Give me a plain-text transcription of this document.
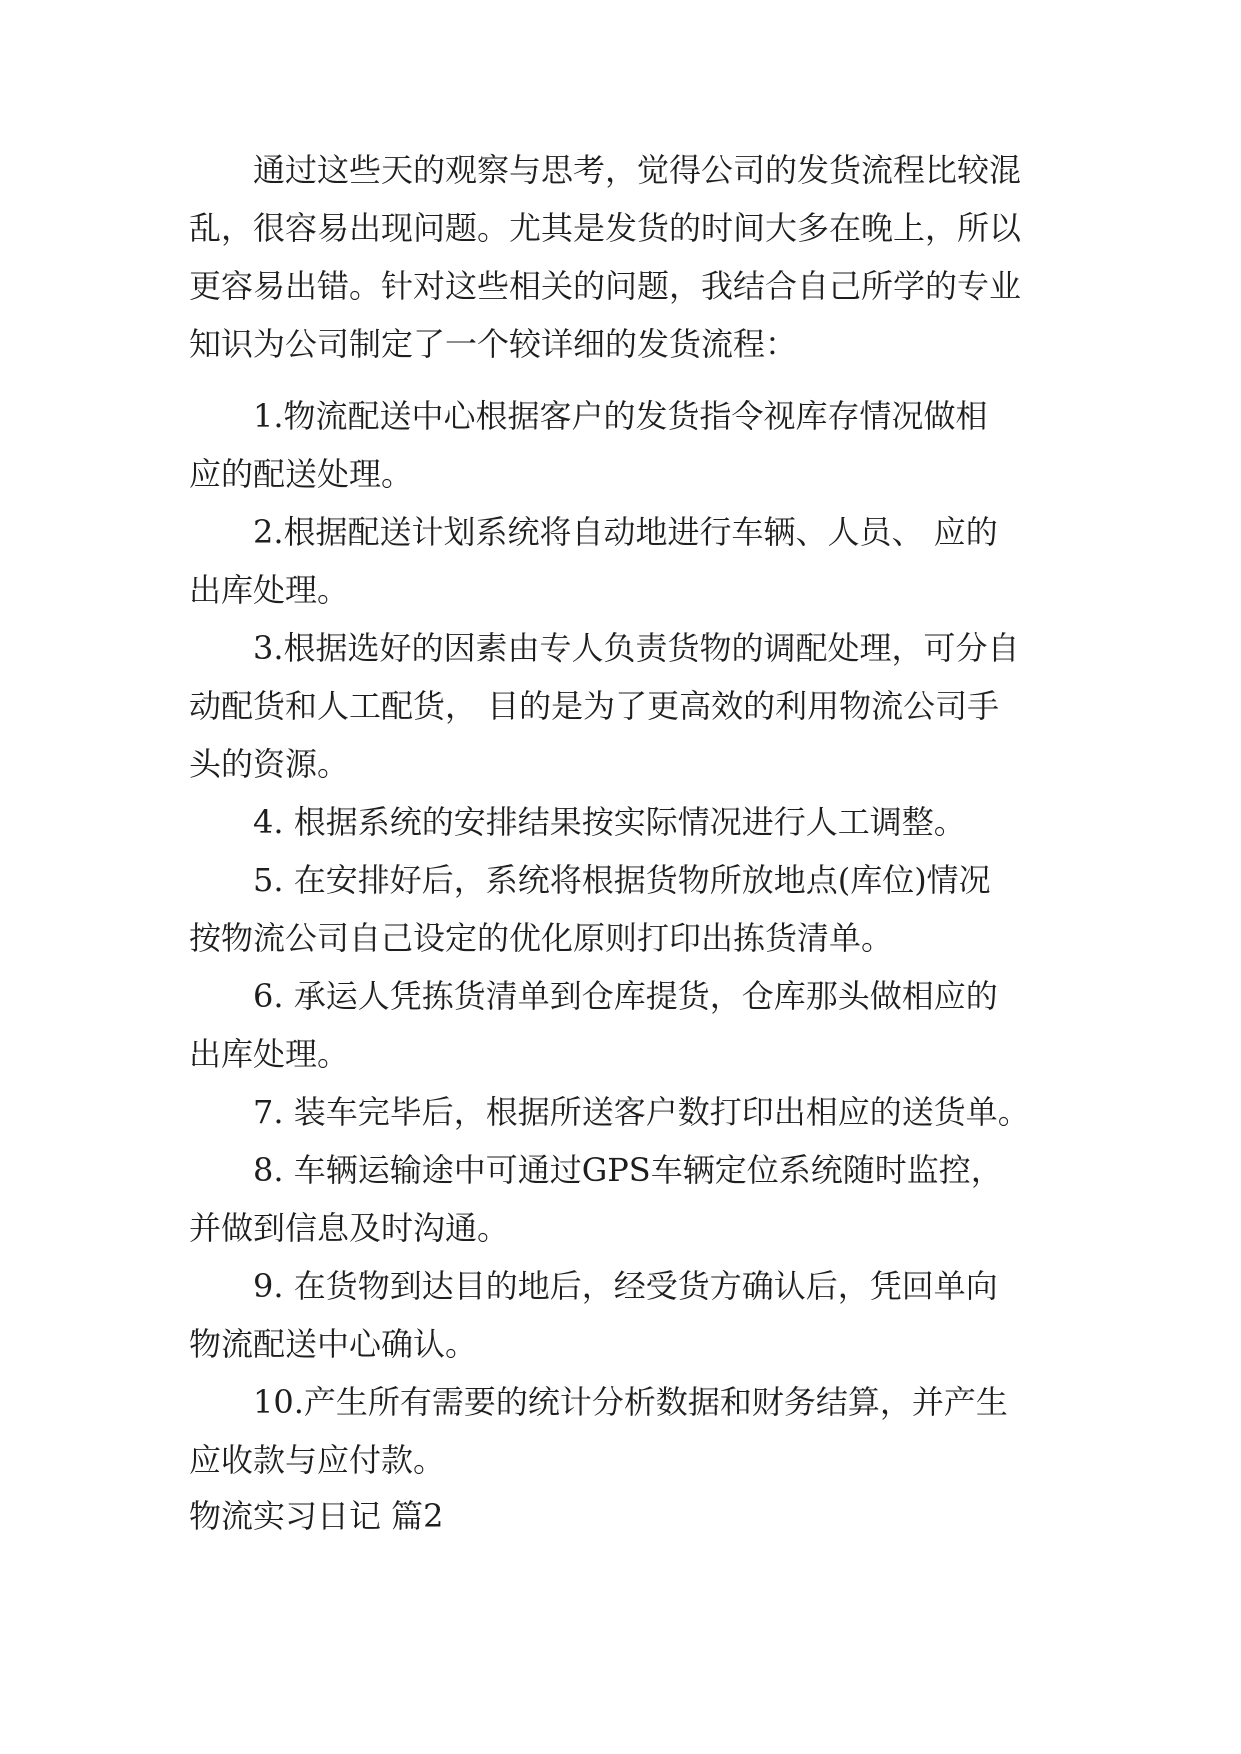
通过这些天的观察与思考，觉得公司的发货流程比较混
乱，很容易出现问题。尤其是发货的时间大多在晚上，所以
更容易出错。针对这些相关的问题，我结合自己所学的专业
知识为公司制定了一个较详细的发货流程：
1.物流配送中心根据客户的发货指令视库存情况做相
应的配送处理。
2.根据配送计划系统将自动地进行车辆、人员、 应的
出库处理。
3.根据选好的因素由专人负责货物的调配处理，可分自
动配货和人工配货， 目的是为了更高效的利用物流公司手
头的资源。
4. 根据系统的安排结果按实际情况进行人工调整。
5. 在安排好后，系统将根据货物所放地点(库位)情况
按物流公司自己设定的优化原则打印出拣货清单。
6. 承运人凭拣货清单到仓库提货，仓库那头做相应的
出库处理。
7. 装车完毕后，根据所送客户数打印出相应的送货单。
8. 车辆运输途中可通过GPS车辆定位系统随时监控，
并做到信息及时沟通。
9. 在货物到达目的地后，经受货方确认后，凭回单向
物流配送中心确认。
10.产生所有需要的统计分析数据和财务结算，并产生
应收款与应付款。
物流实习日记 篇2
